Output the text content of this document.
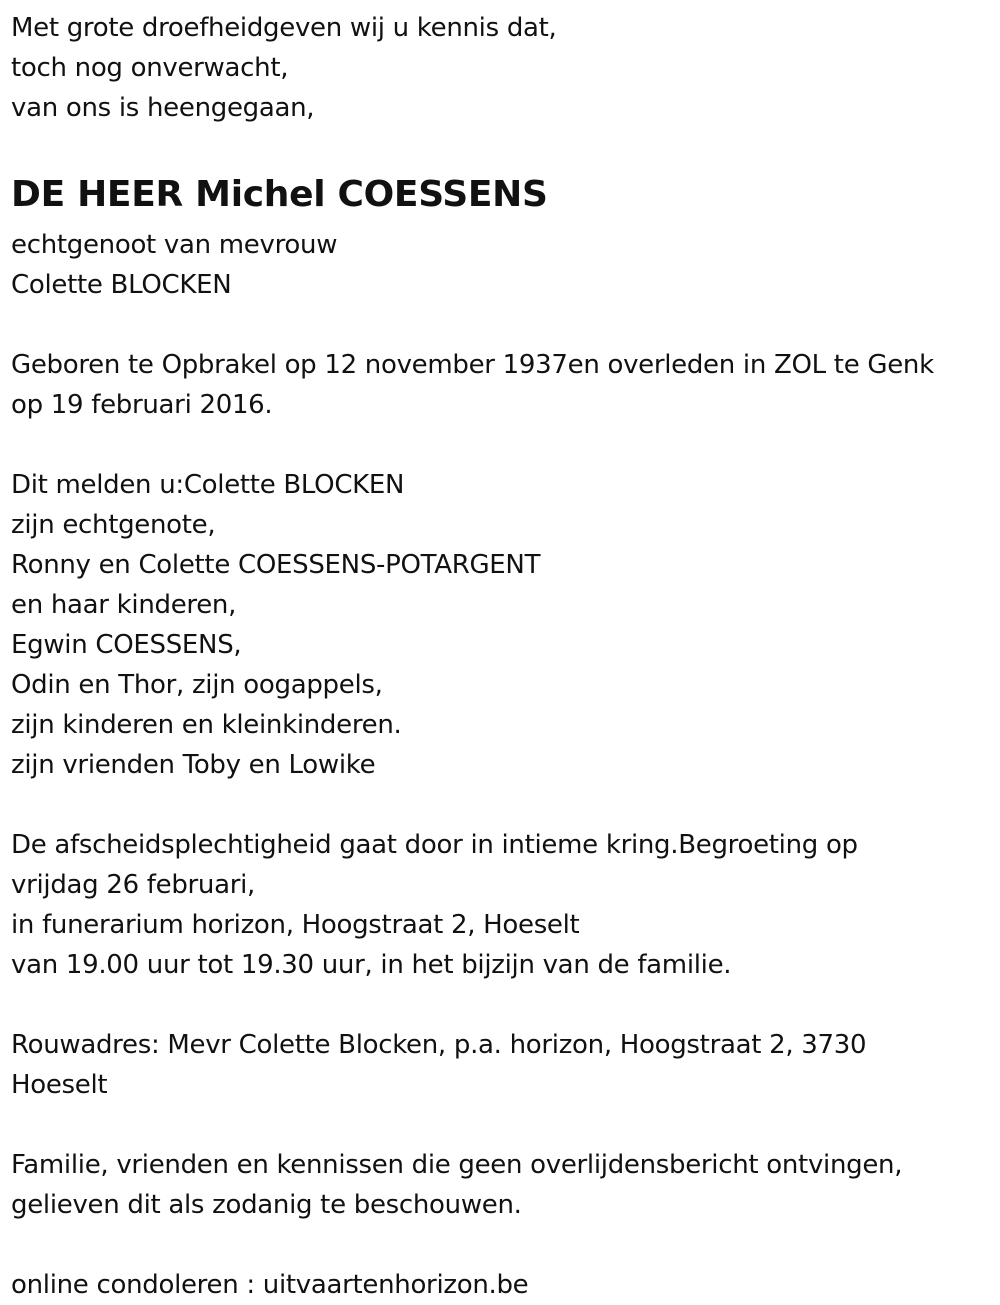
Met grote droefheidgeven wij u kennis dat,
toch nog onverwacht,
van ons is heengegaan,
DE HEER Michel COESSENS
echtgenoot van mevrouw
Colette BLOCKEN
Geboren te Opbrakel op 12 november 1937en overleden in ZOL te Genk
op 19 februari 2016.
Dit melden u:Colette BLOCKEN
zijn echtgenote,
Ronny en Colette COESSENS-POTARGENT
en haar kinderen,
Egwin COESSENS,
Odin en Thor, zijn oogappels,
zijn kinderen en kleinkinderen.
zijn vrienden Toby en Lowike
De afscheidsplechtigheid gaat door in intieme kring.Begroeting op
vrijdag 26 februari,
in funerarium horizon, Hoogstraat 2, Hoeselt
van 19.00 uur tot 19.30 uur, in het bijzijn van de familie.
Rouwadres: Mevr Colette Blocken, p.a. horizon, Hoogstraat 2, 3730
Hoeselt
Familie, vrienden en kennissen die geen overlijdensbericht ontvingen,
gelieven dit als zodanig te beschouwen.
online condoleren : uitvaartenhorizon.be
